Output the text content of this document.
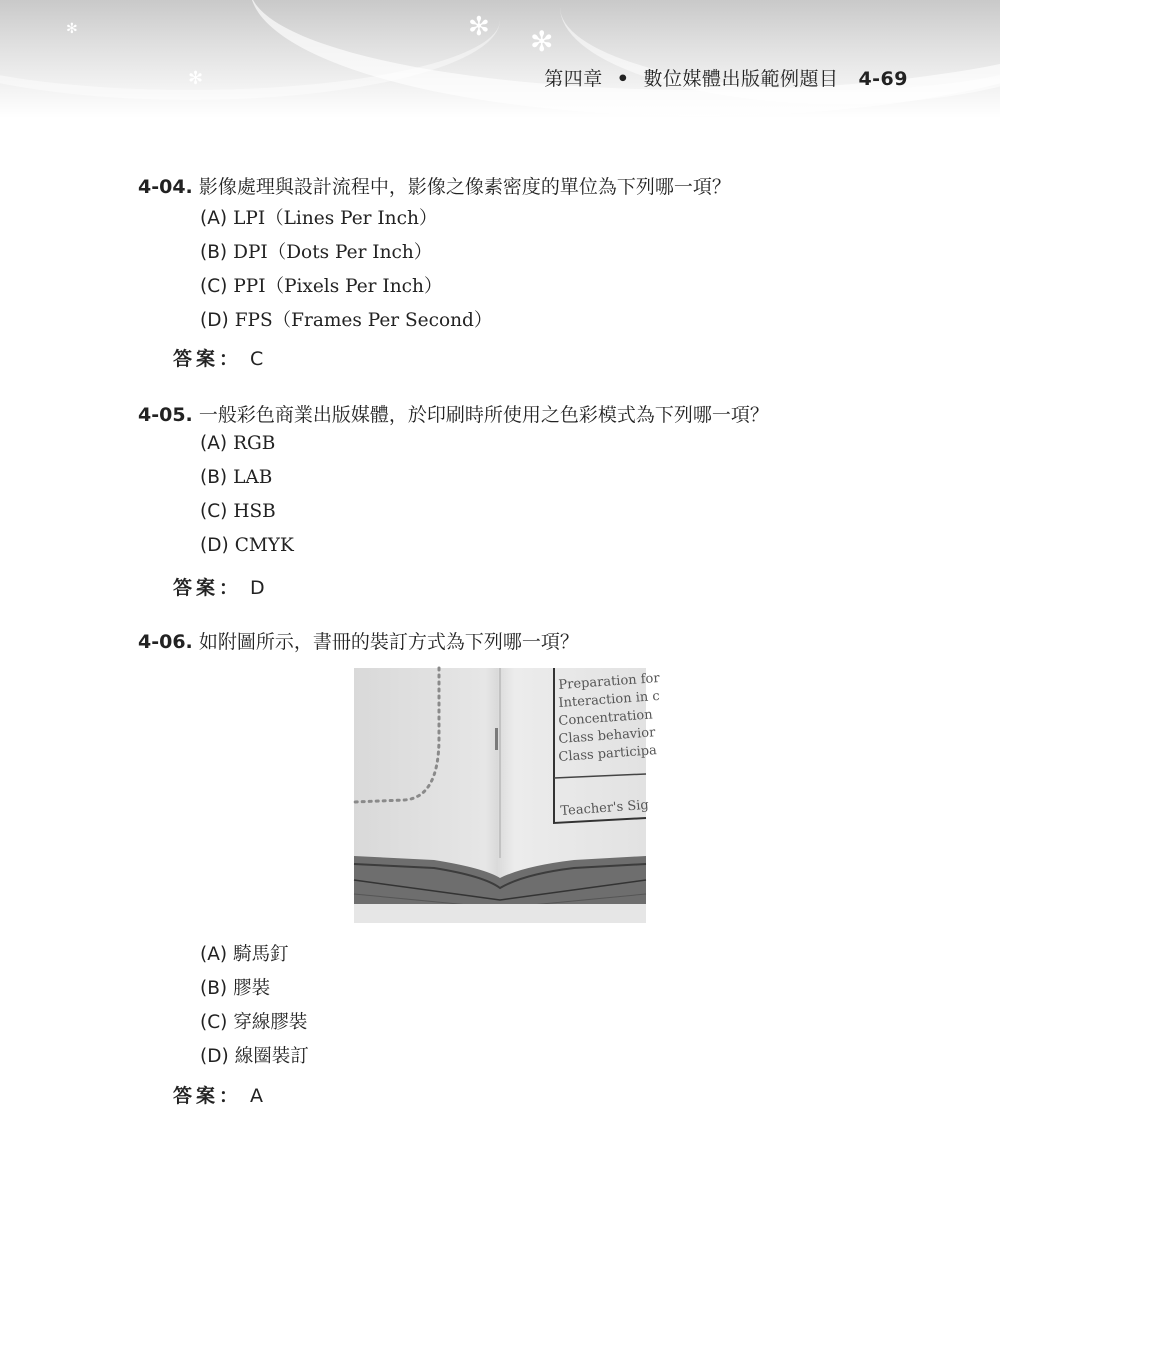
✻ ✻
✻
✻
第四章 • 數位媒體出版範例題目 4-69
4-04. 影像處理與設計流程中，影像之像素密度的單位為下列哪一項？
(A) LPI（Lines Per Inch）
(B) DPI（Dots Per Inch）
(C) PPI（Pixels Per Inch）
(D) FPS（Frames Per Second）
答案： C
4-05. 一般彩色商業出版媒體，於印刷時所使用之色彩模式為下列哪一項？
(A) RGB
(B) LAB
(C) HSB
(D) CMYK
答案： D
4-06. 如附圖所示，書冊的裝訂方式為下列哪一項？
Preparation for
Interaction in c
Concentration
Class behavior
Class participa
Teacher's Sig
(A) 騎馬釘
(B) 膠裝
(C) 穿線膠裝
(D) 線圈裝訂
答案： A
